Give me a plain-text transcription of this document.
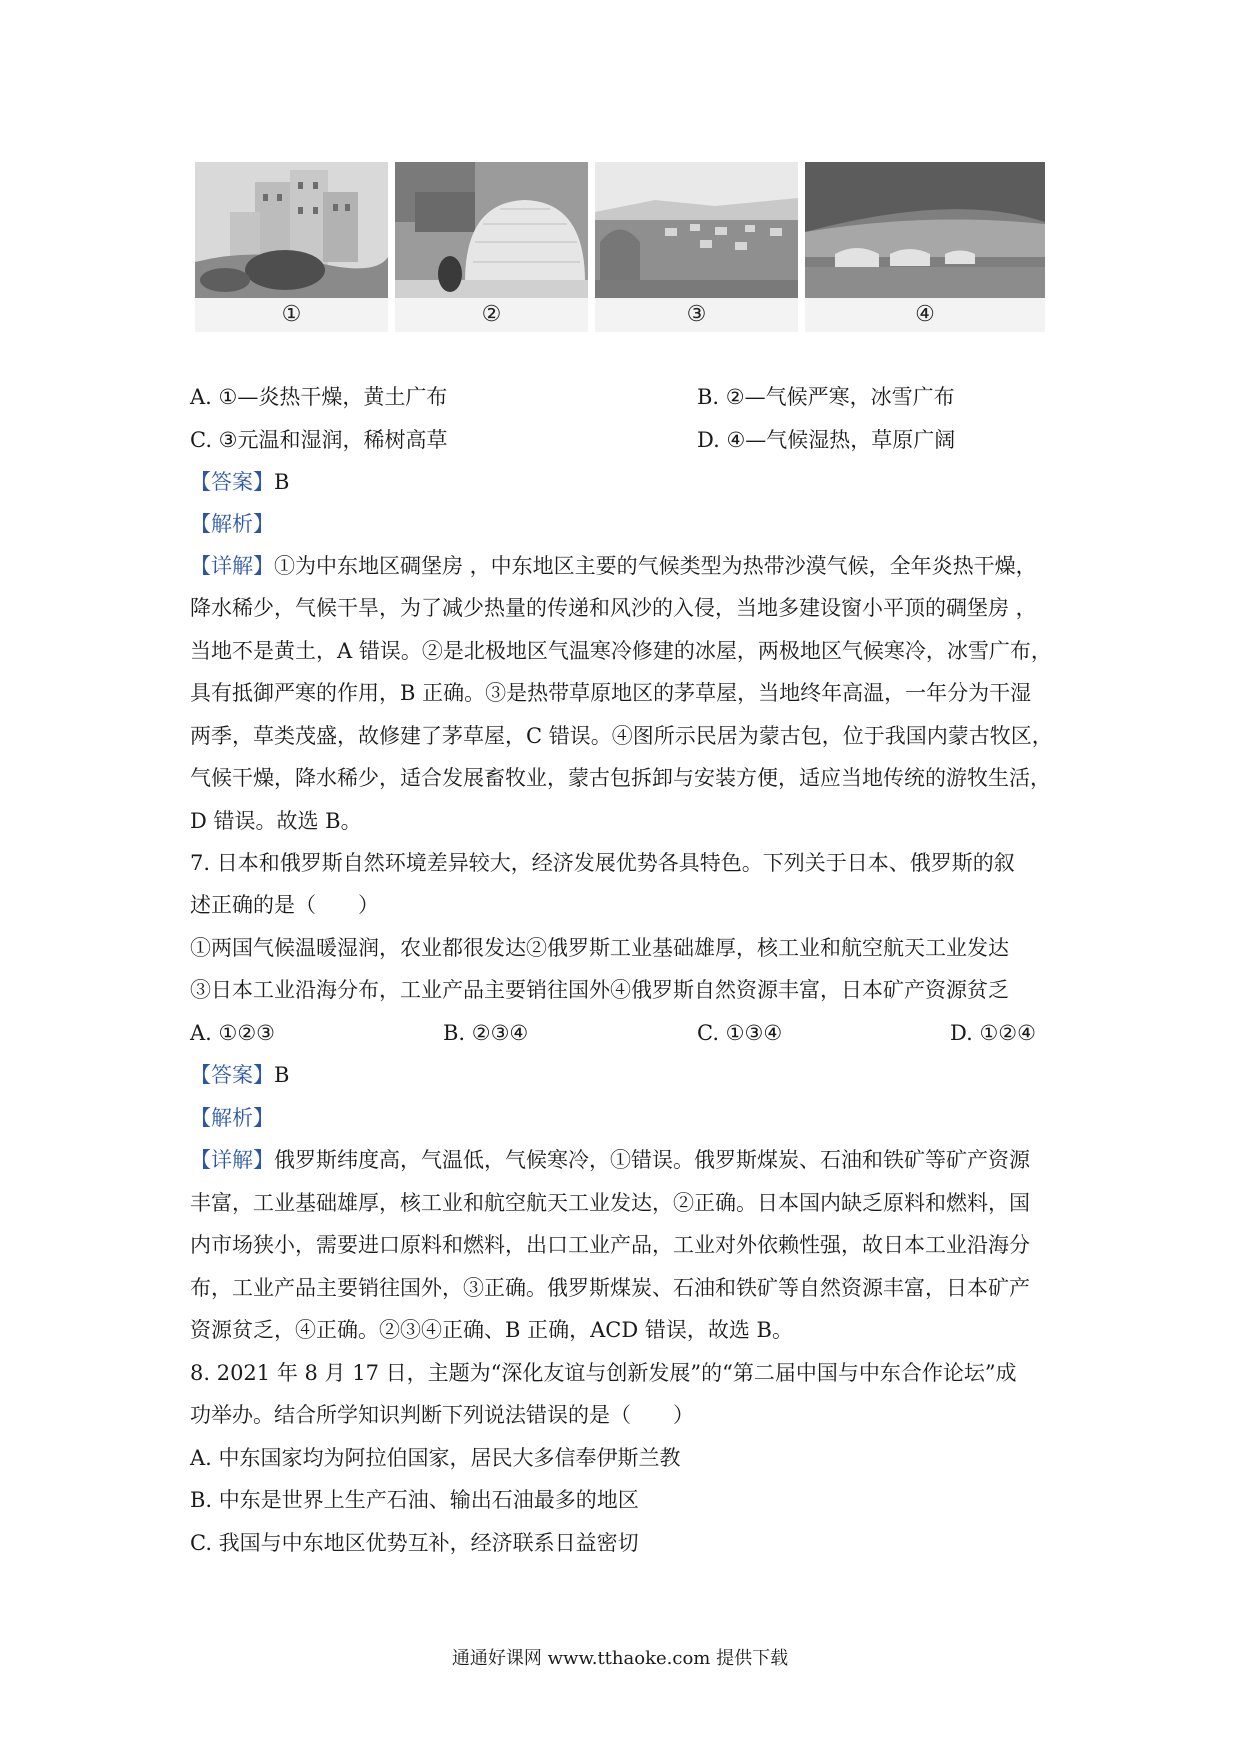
①	②	③	④
A. ①—炎热干燥，黄土广布	B. ②—气候严寒，冰雪广布
C. ③元温和湿润，稀树高草	D. ④—气候湿热，草原广阔
【答案】B
【解析】
【详解】①为中东地区碉堡房 ，中东地区主要的气候类型为热带沙漠气候，全年炎热干燥，
降水稀少，气候干旱，为了减少热量的传递和风沙的入侵，当地多建设窗小平顶的碉堡房 ，
当地不是黄土，A 错误。②是北极地区气温寒冷修建的冰屋，两极地区气候寒冷，冰雪广布，
具有抵御严寒的作用，B 正确。③是热带草原地区的茅草屋，当地终年高温，一年分为干湿
两季，草类茂盛，故修建了茅草屋，C 错误。④图所示民居为蒙古包，位于我国内蒙古牧区，
气候干燥，降水稀少，适合发展畜牧业，蒙古包拆卸与安装方便，适应当地传统的游牧生活，
D 错误。故选 B。
7. 日本和俄罗斯自然环境差异较大，经济发展优势各具特色。下列关于日本、俄罗斯的叙
述正确的是（　　）
①两国气候温暖湿润，农业都很发达②俄罗斯工业基础雄厚，核工业和航空航天工业发达
③日本工业沿海分布，工业产品主要销往国外④俄罗斯自然资源丰富，日本矿产资源贫乏
A. ①②③	B. ②③④	C. ①③④	D. ①②④
【答案】B
【解析】
【详解】俄罗斯纬度高，气温低，气候寒冷，①错误。俄罗斯煤炭、石油和铁矿等矿产资源
丰富，工业基础雄厚，核工业和航空航天工业发达，②正确。日本国内缺乏原料和燃料，国
内市场狭小，需要进口原料和燃料，出口工业产品，工业对外依赖性强，故日本工业沿海分
布，工业产品主要销往国外，③正确。俄罗斯煤炭、石油和铁矿等自然资源丰富，日本矿产
资源贫乏，④正确。②③④正确、B 正确，ACD 错误，故选 B。
8. 2021 年 8 月 17 日，主题为“深化友谊与创新发展”的“第二届中国与中东合作论坛”成
功举办。结合所学知识判断下列说法错误的是（　　）
A. 中东国家均为阿拉伯国家，居民大多信奉伊斯兰教
B. 中东是世界上生产石油、输出石油最多的地区
C. 我国与中东地区优势互补，经济联系日益密切
通通好课网 www.tthaoke.com 提供下载
